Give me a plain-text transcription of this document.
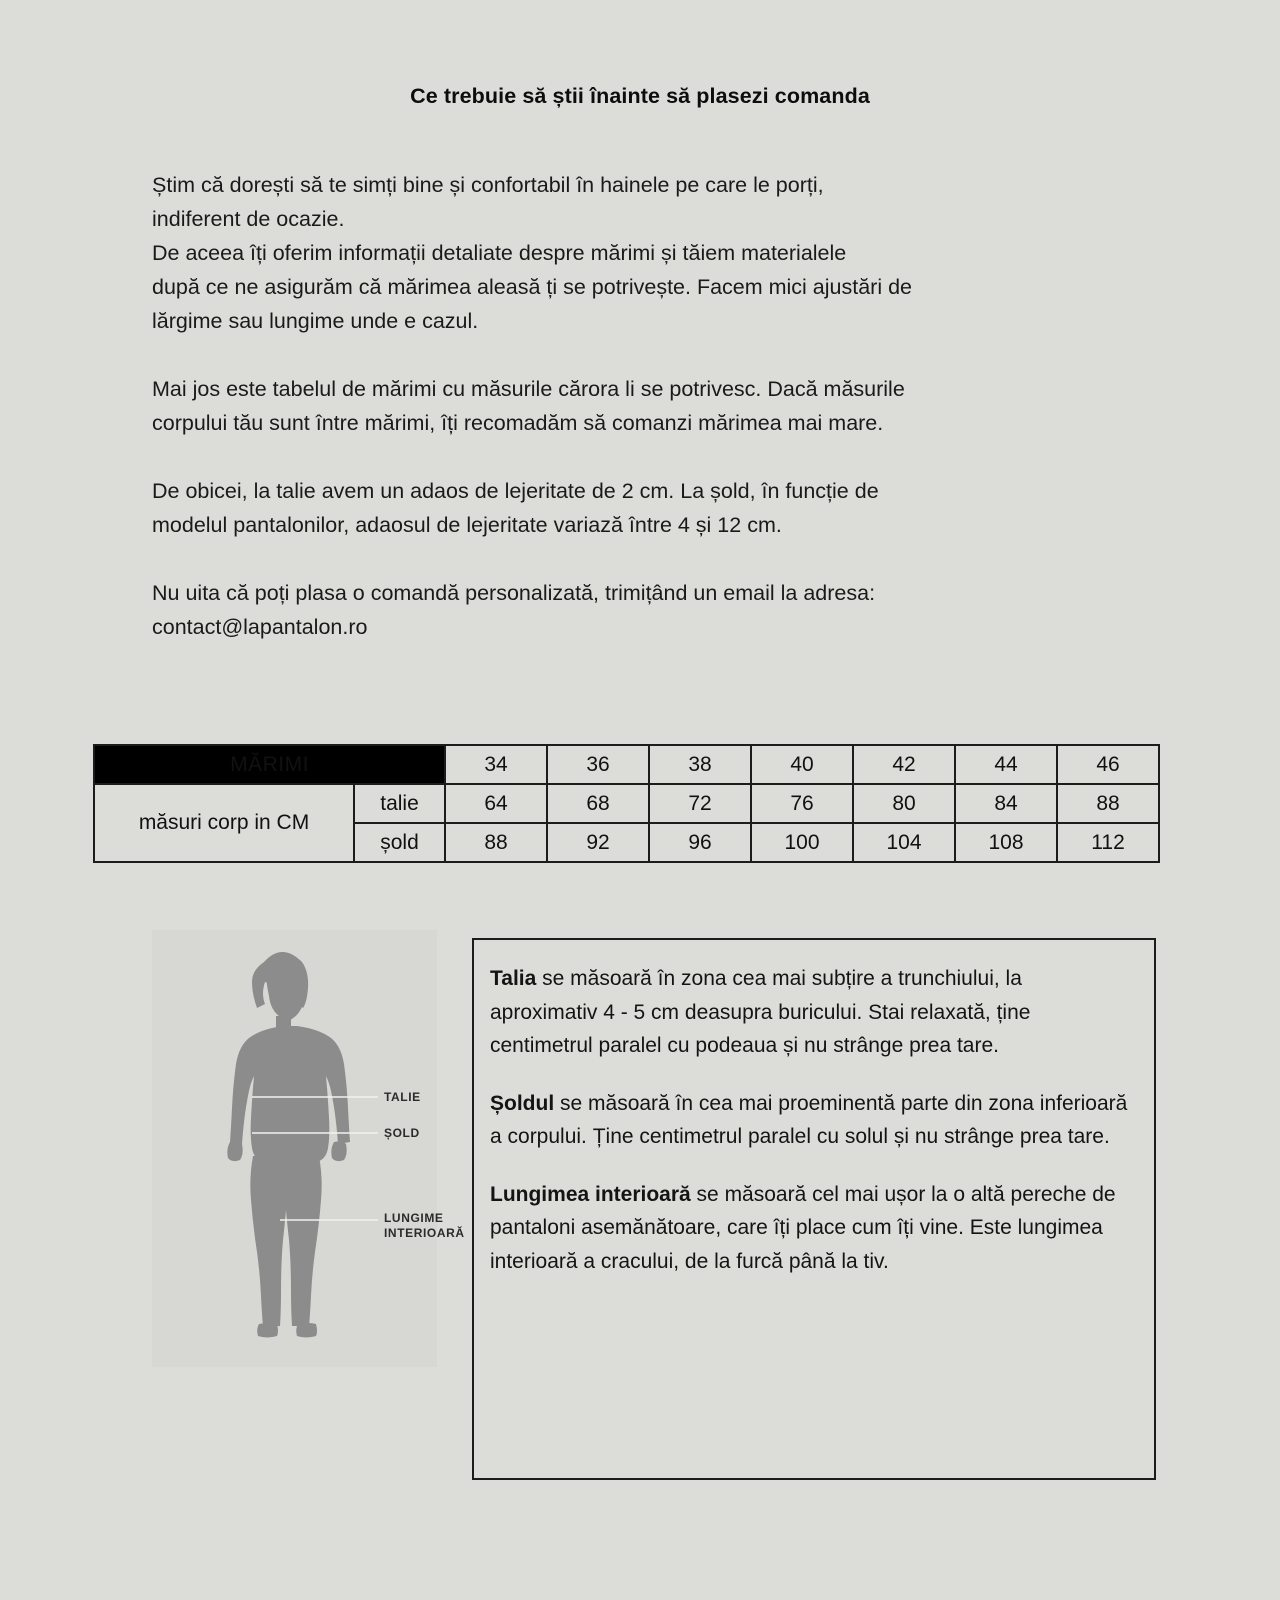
Ce trebuie să știi înainte să plasezi comanda

Știm că dorești să te simți bine și confortabil în hainele pe care le porți,

indiferent de ocazie.

De aceea îți oferim informații detaliate despre mărimi și tăiem materialele

după ce ne asigurăm că mărimea aleasă ți se potrivește. Facem mici ajustări de

lărgime sau lungime unde e cazul.

Mai jos este tabelul de mărimi cu măsurile cărora li se potrivesc. Dacă măsurile

corpului tău sunt între mărimi, îți recomadăm să comanzi mărimea mai mare.

De obicei, la talie avem un adaos de lejeritate de 2 cm. La șold, în funcție de

modelul pantalonilor, adaosul de lejeritate variază între 4 și 12 cm.

Nu uita că poți plasa o comandă personalizată, trimițând un email la adresa:

contact@lapantalon.ro

MĂRIMI		34	36	38	40	42	44	46
măsuri corp in CM	talie	64	68	72	76	80	84	88
	șold	88	92	96	100	104	108	112
TALIE
ȘOLD
LUNGIME
INTERIOARĂ

Talia se măsoară în zona cea mai subțire a trunchiului, la aproximativ 4 - 5 cm deasupra buricului. Stai relaxată, ține centimetrul paralel cu podeaua și nu strânge prea tare.

Șoldul se măsoară în cea mai proeminentă parte din zona inferioară a corpului. Ține centimetrul paralel cu solul și nu strânge prea tare.

Lungimea interioară se măsoară cel mai ușor la o altă pereche de pantaloni asemănătoare, care îți place cum îți vine. Este lungimea interioară a cracului, de la furcă până la tiv.
